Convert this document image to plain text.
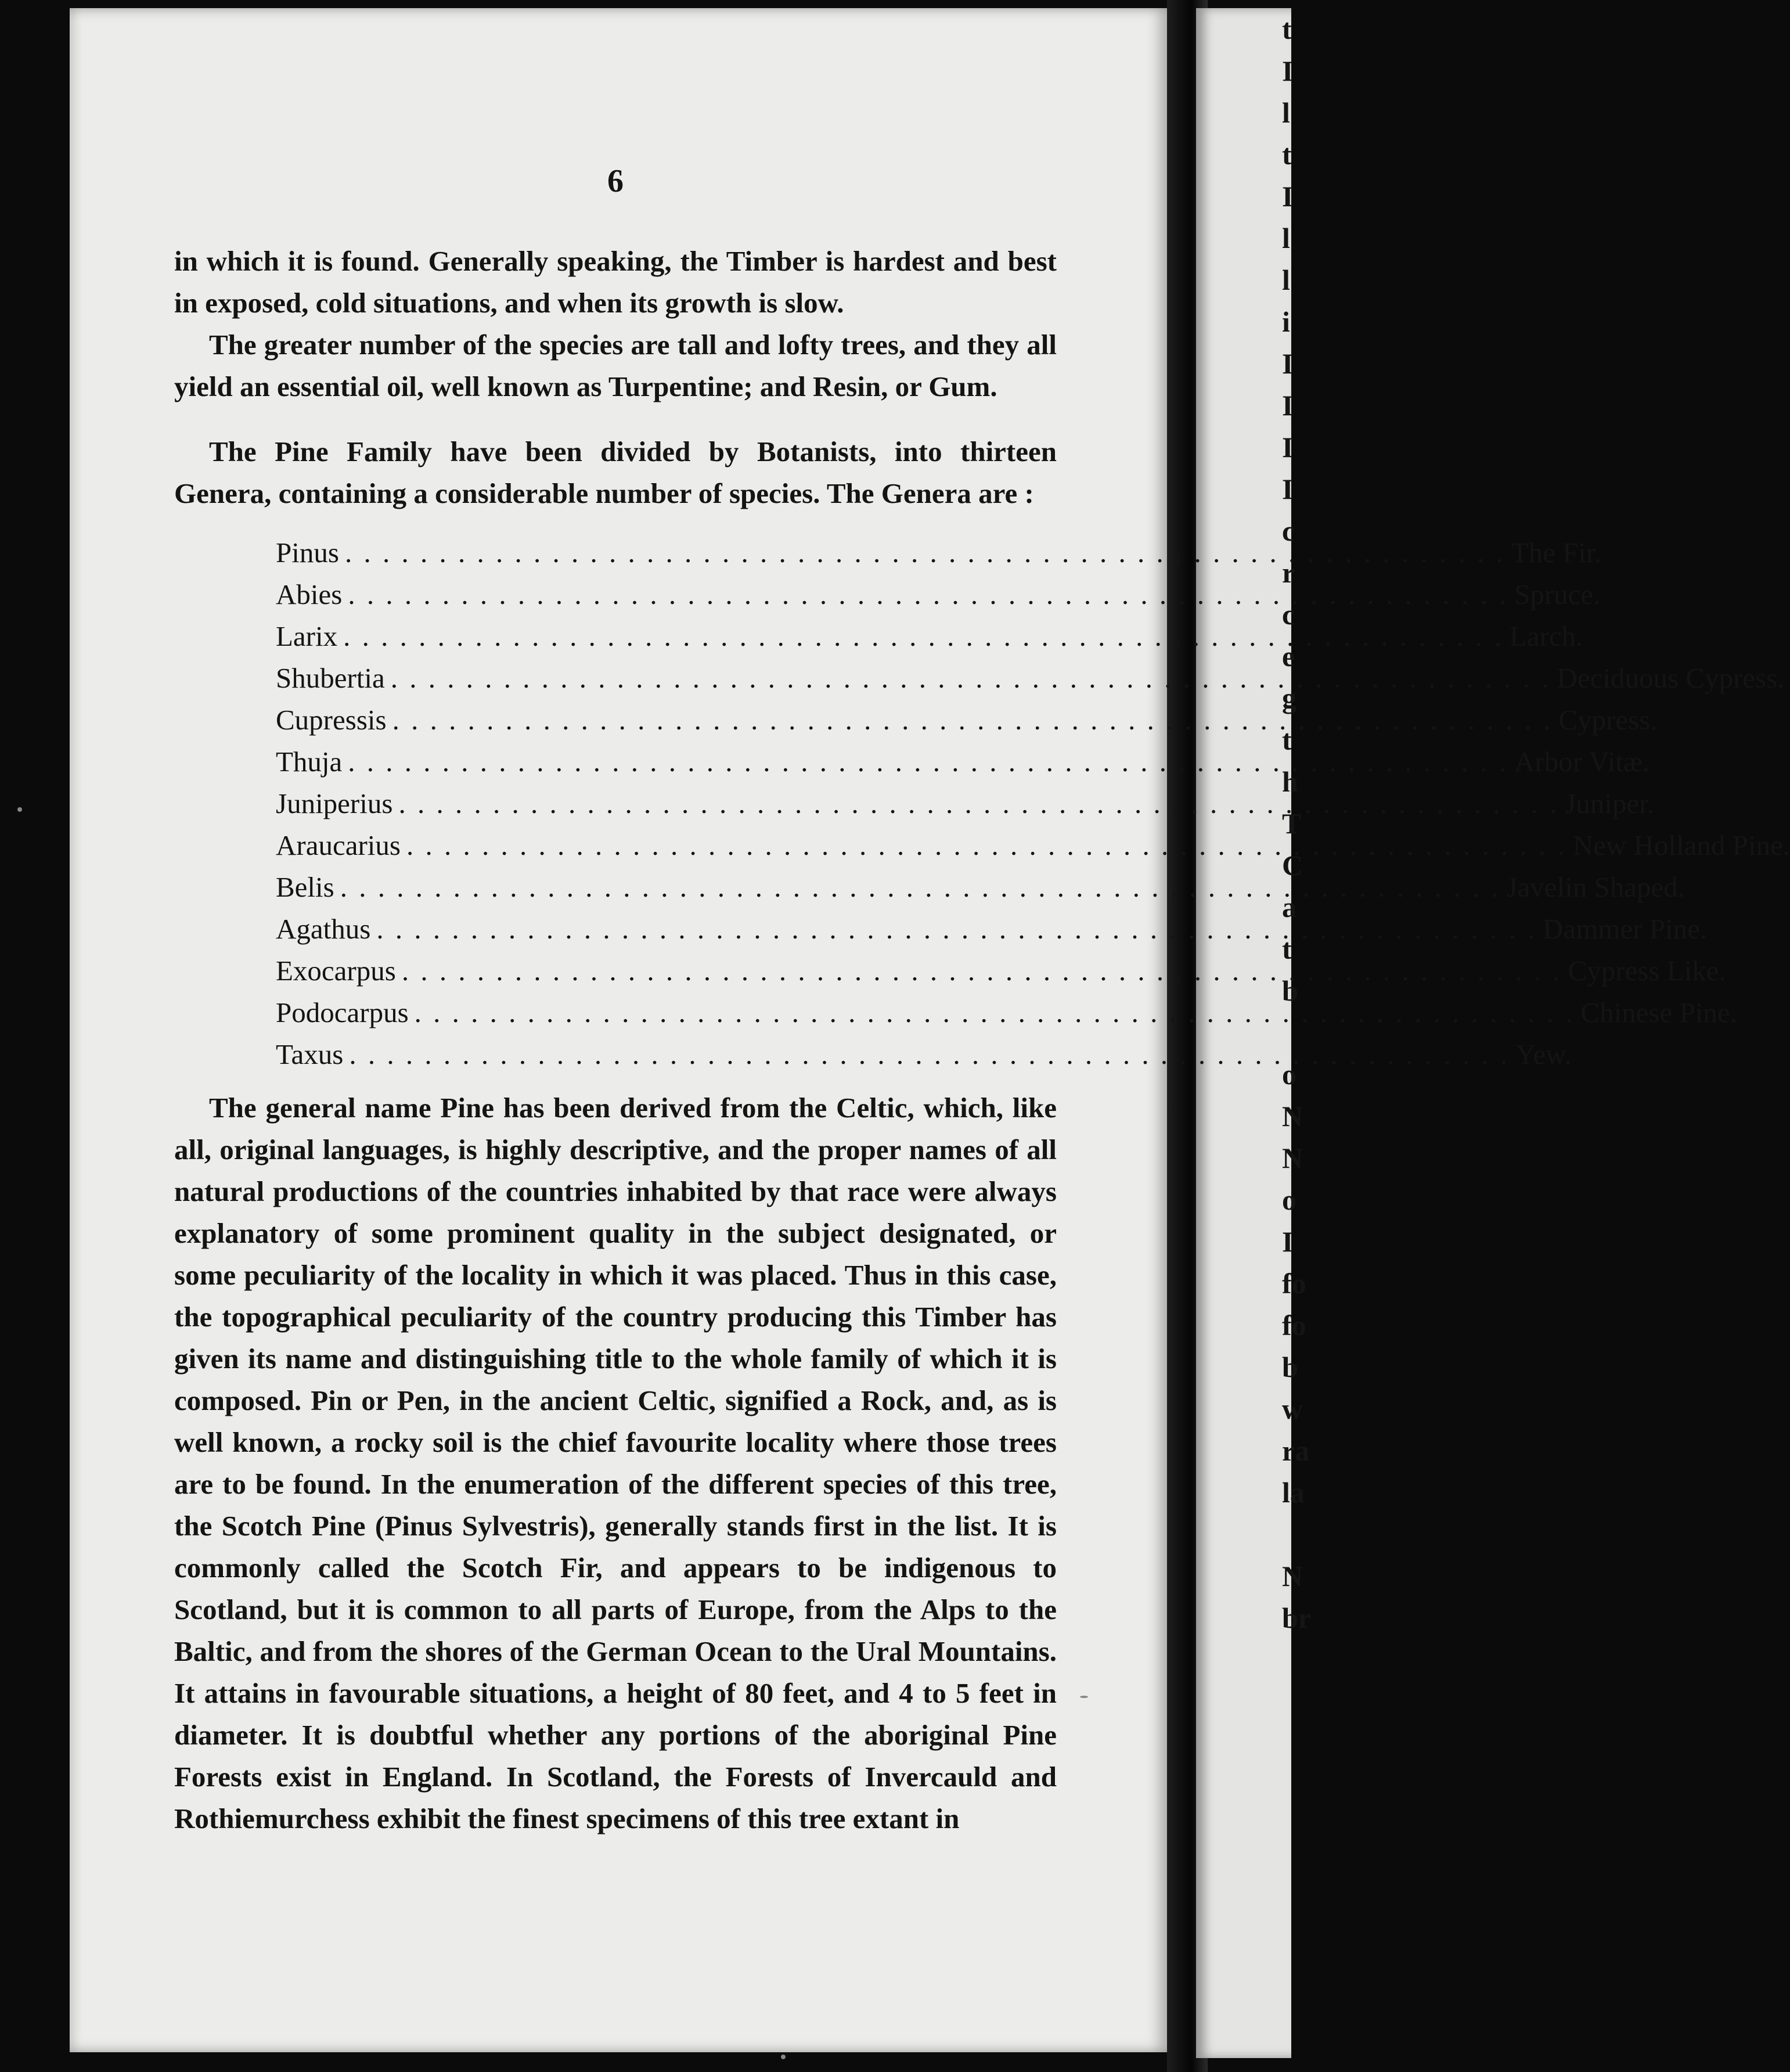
t
I
l
t
I
l
l
i
I
I
I
I
c
r
c
e
g
t
h
T
C
a
t
b

o
N
N
o
I
fo
fo
b
w
ra
la

N
br
6

in which it is found. Generally speaking, the Timber is hardest and best in exposed, cold situations, and when its growth is slow.

The greater number of the species are tall and lofty trees, and they all yield an essential oil, well known as Turpentine; and Resin, or Gum.

The Pine Family have been divided by Botanists, into thirteen Genera, containing a considerable number of species. The Genera are :

Pinus . . .	The Fir.
Abies . . .	Spruce.
Larix . . .	Larch.
Shubertia . . .	Deciduous Cypress.
Cupressis . . .	Cypress.
Thuja . . .	Arbor Vitæ.
Juniperius . . .	Juniper.
Araucarius . . .	New Holland Pine.
Belis . . .	Javelin Shaped.
Agathus . . .	Dammer Pine.
Exocarpus . . .	Cypress Like.
Podocarpus . . .	Chinese Pine.
Taxus . . .	Yew.

The general name Pine has been derived from the Celtic, which, like all, original languages, is highly descriptive, and the proper names of all natural productions of the countries inhabited by that race were always explanatory of some prominent quality in the subject designated, or some peculiarity of the locality in which it was placed. Thus in this case, the topographical peculiarity of the country producing this Timber has given its name and distinguishing title to the whole family of which it is composed. Pin or Pen, in the ancient Celtic, signified a Rock, and, as is well known, a rocky soil is the chief favourite locality where those trees are to be found. In the enumeration of the different species of this tree, the Scotch Pine (Pinus Sylvestris), generally stands first in the list. It is commonly called the Scotch Fir, and appears to be indigenous to Scotland, but it is common to all parts of Europe, from the Alps to the Baltic, and from the shores of the German Ocean to the Ural Mountains. It attains in favourable situations, a height of 80 feet, and 4 to 5 feet in diameter. It is doubtful whether any portions of the aboriginal Pine Forests exist in England. In Scotland, the Forests of Invercauld and Rothiemurchess exhibit the finest specimens of this tree extant in
